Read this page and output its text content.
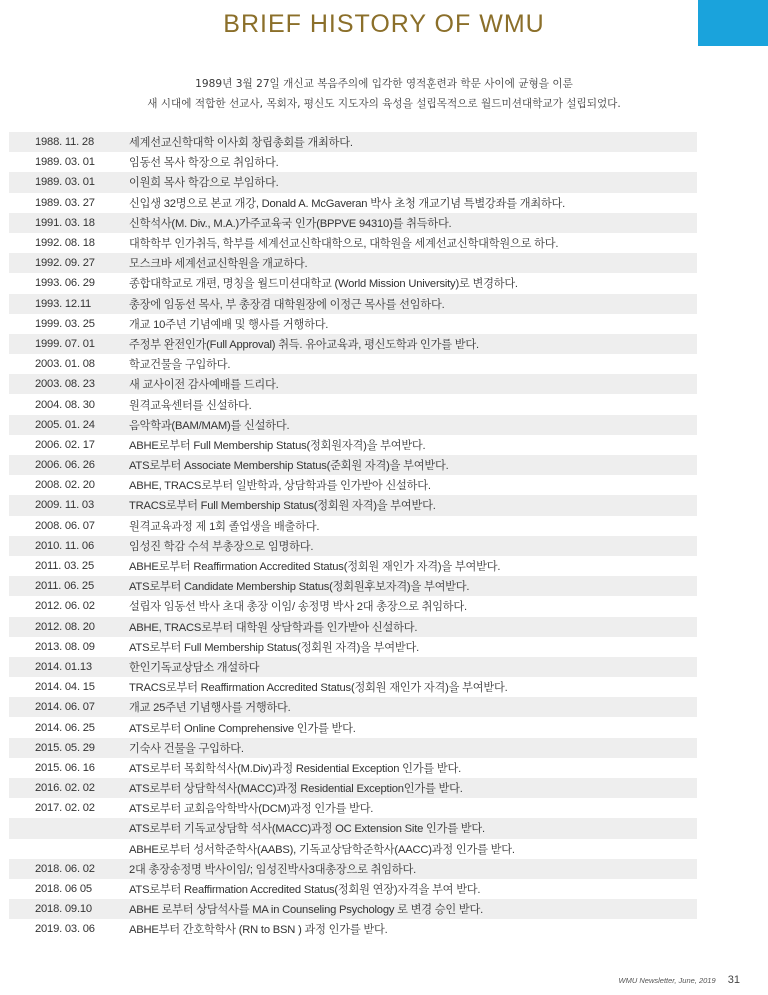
BRIEF HISTORY OF WMU
1989년 3월 27일 개신교 복음주의에 입각한 영적훈련과 학문 사이에 균형을 이룬
새 시대에 적합한 선교사, 목회자, 평신도 지도자의 육성을 설립목적으로 월드미션대학교가 설립되었다.
1988. 11. 28	세계선교신학대학 이사회 창립총회를 개최하다.
1989. 03. 01	임동선 목사 학장으로 취임하다.
1989. 03. 01	이원희 목사 학감으로 부임하다.
1989. 03. 27	신입생 32명으로 본교 개강, Donald A. McGaveran 박사 초청 개교기념 특별강좌를 개최하다.
1991. 03. 18	신학석사(M. Div., M.A.)가주교육국 인가(BPPVE 94310)를 취득하다.
1992. 08. 18	대학학부 인가취득, 학부를 세계선교신학대학으로, 대학원을 세계선교신학대학원으로 하다.
1992. 09. 27	모스크바 세계선교신학원을 개교하다.
1993. 06. 29	종합대학교로 개편, 명칭을 월드미션대학교 (World Mission University)로 변경하다.
1993. 12.11	총장에 임동선 목사, 부 총장겸 대학원장에 이정근 목사를 선임하다.
1999. 03. 25	개교 10주년 기념예배 및 행사를 거행하다.
1999. 07. 01	주정부 완전인가(Full Approval) 취득. 유아교육과, 평신도학과 인가를 받다.
2003. 01. 08	학교건물을 구입하다.
2003. 08. 23	새 교사이전 감사예배를 드리다.
2004. 08. 30	원격교육센터를 신설하다.
2005. 01. 24	음악학과(BAM/MAM)를 신설하다.
2006. 02. 17	ABHE로부터 Full Membership Status(정회원자격)을 부여받다.
2006. 06. 26	ATS로부터 Associate Membership Status(준회원 자격)을 부여받다.
2008. 02. 20	ABHE, TRACS로부터 일반학과, 상담학과를 인가받아 신설하다.
2009. 11. 03	TRACS로부터 Full Membership Status(정회원 자격)을 부여받다.
2008. 06. 07	원격교육과정 제 1회 졸업생을 배출하다.
2010. 11. 06	임성진 학감 수석 부총장으로 임명하다.
2011. 03. 25	ABHE로부터 Reaffirmation Accredited Status(정회원 재인가 자격)을 부여받다.
2011. 06. 25	ATS로부터 Candidate Membership Status(정회원후보자격)을 부여받다.
2012. 06. 02	설립자 임동선 박사 초대 총장 이임/ 송정명 박사 2대 총장으로 취임하다.
2012. 08. 20	ABHE, TRACS로부터 대학원 상담학과를 인가받아 신설하다.
2013. 08. 09	ATS로부터 Full Membership Status(정회원 자격)을 부여받다.
2014. 01.13	한인기독교상담소 개설하다
2014. 04. 15	TRACS로부터 Reaffirmation Accredited Status(정회원 재인가 자격)을 부여받다.
2014. 06. 07	개교 25주년 기념행사를 거행하다.
2014. 06. 25	ATS로부터 Online Comprehensive 인가를 받다.
2015. 05. 29	기숙사 건물을 구입하다.
2015. 06. 16	ATS로부터 목회학석사(M.Div)과정 Residential Exception 인가를 받다.
2016. 02. 02	ATS로부터 상담학석사(MACC)과정 Residential Exception인가를 받다.
2017. 02. 02	ATS로부터 교회음악학박사(DCM)과정 인가를 받다.
ATS로부터 기독교상담학 석사(MACC)과정 OC Extension Site 인가를 받다.
ABHE로부터 성서학준학사(AABS), 기독교상담학준학사(AACC)과정 인가를 받다.
2018. 06. 02	2대 총장송정명 박사이임/; 임성진박사3대총장으로 취임하다.
2018. 06 05	ATS로부터 Reaffirmation Accredited Status(정회원 연장)자격을 부여 받다.
2018. 09.10	ABHE 로부터 상담석사를 MA in Counseling Psychology 로 변경 승인 받다.
2019. 03. 06	ABHE부터 간호학학사 (RN to BSN ) 과정 인가를 받다.
WMU Newsletter, June, 2019 31
